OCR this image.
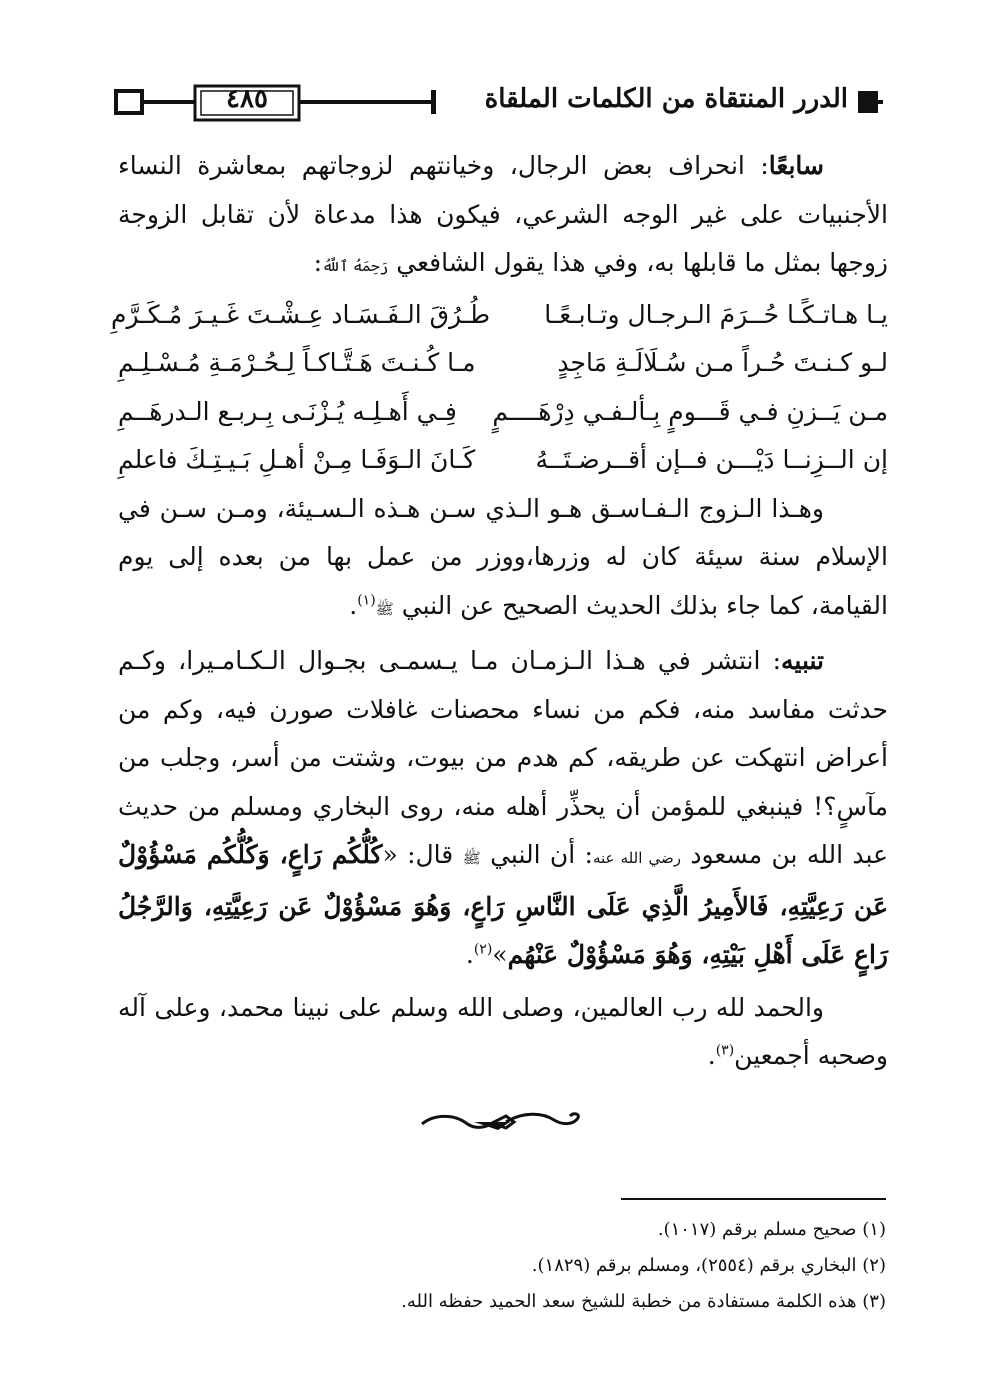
٤٨٥	الدرر المنتقاة من الكلمات الملقاة

سابعًا: انحراف بعض الرجال، وخيانتهم لزوجاتهم بمعاشرة النساء الأجنبيات على غير الوجه الشرعي، فيكون هذا مدعاة لأن تقابل الزوجة زوجها بمثل ما قابلها به، وفي هذا يقول الشافعي رَحِمَهُ ٱللَّهُ:

يـا هـاتـكًـا حُــرَمَ الـرجـال وتـابـعًـا
طُـرُقَ الـفَـسَـاد عِـشْـتَ غَـيـرَ مُـكَـرَّمِ
لـو كـنـتَ حُـراً مـن سُـلَالَـةِ مَاجِدٍ
مـا كُـنـتَ هَـتَّـاكـاً لِـحُـرْمَـةِ مُـسْـلِـمِ
مـن يَــزنِ فـي قَـــومٍ بِـألـفـي دِرْهَــــمٍ
فِـي أَهـلِـه يُـزْنَـى بِـربـع الـدرهَــمِ
إن الــزِنــا دَيْـــن فــإن أقــرضـتَــهُ
كَـانَ الـوَفَـا مِـنْ أهـلِ بَـيـتِـكَ فاعلمِ

وهـذا الـزوج الـفـاسـق هـو الـذي سـن هـذه الـسـيئة، ومـن سـن في الإسلام سنة سيئة كان له وزرها،ووزر من عمل بها من بعده إلى يوم القيامة، كما جاء بذلك الحديث الصحيح عن النبي ﷺ$^{(١)}$.

تنبيه: انتشر في هـذا الـزمـان مـا يـسمـى بجـوال الـكـامـيرا، وكـم حدثت مفاسد منه، فكم من نساء محصنات غافلات صورن فيه، وكم من أعراض انتهكت عن طريقه، كم هدم من بيوت، وشتت من أسر، وجلب من مآسٍ؟! فينبغي للمؤمن أن يحذِّر أهله منه، روى البخاري ومسلم من حديث عبد الله بن مسعود رضي الله عنه: أن النبي ﷺ قال: «كُلُّكُم رَاعٍ، وَكُلُّكُم مَسْؤُوْلٌ عَن رَعِيَّتِهِ، فَالأَمِيرُ الَّذِي عَلَى النَّاسِ رَاعٍ، وَهُوَ مَسْؤُوْلٌ عَن رَعِيَّتِهِ، وَالرَّجُلُ رَاعٍ عَلَى أَهْلِ بَيْتِهِ، وَهُوَ مَسْؤُوْلٌ عَنْهُم»$^{(٢)}$.

والحمد لله رب العالمين، وصلى الله وسلم على نبينا محمد، وعلى آله وصحبه أجمعين$^{(٣)}$.

(١) صحيح مسلم برقم (١٠١٧).
(٢) البخاري برقم (٢٥٥٤)، ومسلم برقم (١٨٢٩).
(٣) هذه الكلمة مستفادة من خطبة للشيخ سعد الحميد حفظه الله.
